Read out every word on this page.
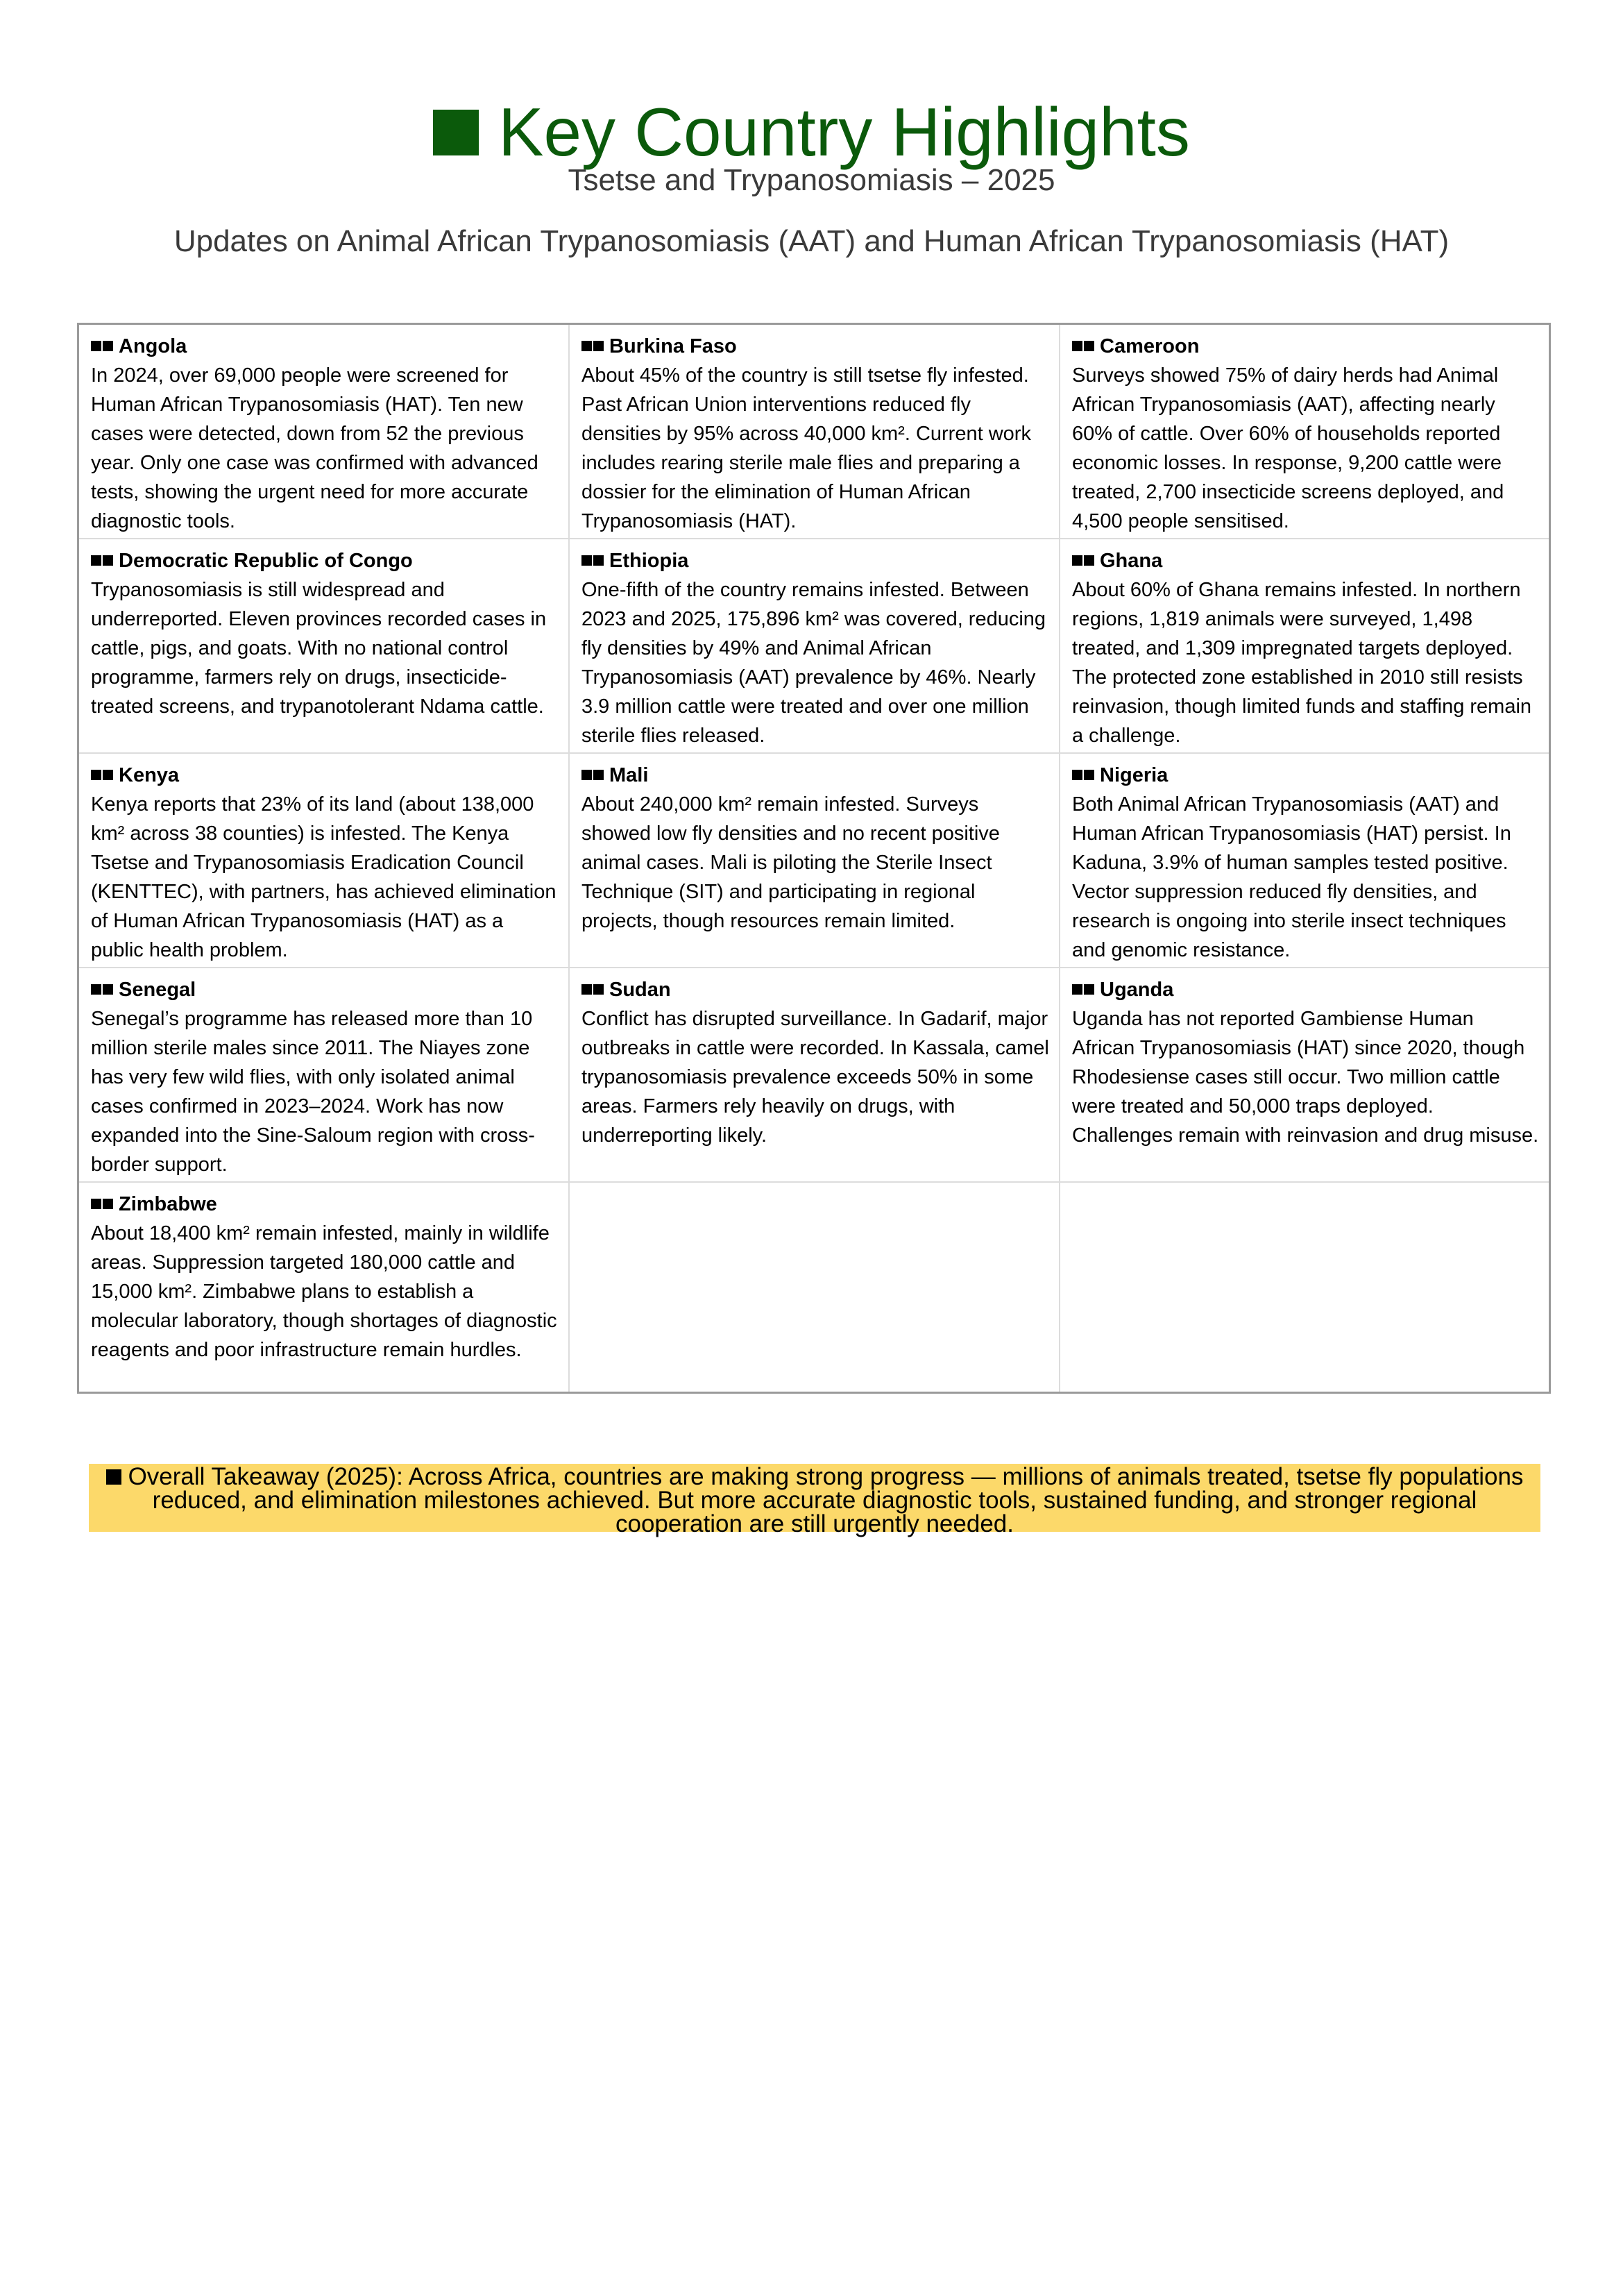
Key Country Highlights
Tsetse and Trypanosomiasis – 2025
Updates on Animal African Trypanosomiasis (AAT) and Human African Trypanosomiasis (HAT)
Angola
In 2024, over 69,000 people were screened for Human African Trypanosomiasis (HAT). Ten new cases were detected, down from 52 the previous year. Only one case was confirmed with advanced tests, showing the urgent need for more accurate diagnostic tools.
Burkina Faso
About 45% of the country is still tsetse fly infested. Past African Union interventions reduced fly densities by 95% across 40,000 km². Current work includes rearing sterile male flies and preparing a dossier for the elimination of Human African Trypanosomiasis (HAT).
Cameroon
Surveys showed 75% of dairy herds had Animal African Trypanosomiasis (AAT), affecting nearly 60% of cattle. Over 60% of households reported economic losses. In response, 9,200 cattle were treated, 2,700 insecticide screens deployed, and 4,500 people sensitised.
Democratic Republic of Congo
Trypanosomiasis is still widespread and underreported. Eleven provinces recorded cases in cattle, pigs, and goats. With no national control programme, farmers rely on drugs, insecticide-treated screens, and trypanotolerant Ndama cattle.
Ethiopia
One-fifth of the country remains infested. Between 2023 and 2025, 175,896 km² was covered, reducing fly densities by 49% and Animal African Trypanosomiasis (AAT) prevalence by 46%. Nearly 3.9 million cattle were treated and over one million sterile flies released.
Ghana
About 60% of Ghana remains infested. In northern regions, 1,819 animals were surveyed, 1,498 treated, and 1,309 impregnated targets deployed. The protected zone established in 2010 still resists reinvasion, though limited funds and staffing remain a challenge.
Kenya
Kenya reports that 23% of its land (about 138,000 km² across 38 counties) is infested. The Kenya Tsetse and Trypanosomiasis Eradication Council (KENTTEC), with partners, has achieved elimination of Human African Trypanosomiasis (HAT) as a public health problem.
Mali
About 240,000 km² remain infested. Surveys showed low fly densities and no recent positive animal cases. Mali is piloting the Sterile Insect Technique (SIT) and participating in regional projects, though resources remain limited.
Nigeria
Both Animal African Trypanosomiasis (AAT) and Human African Trypanosomiasis (HAT) persist. In Kaduna, 3.9% of human samples tested positive. Vector suppression reduced fly densities, and research is ongoing into sterile insect techniques and genomic resistance.
Senegal
Senegal’s programme has released more than 10 million sterile males since 2011. The Niayes zone has very few wild flies, with only isolated animal cases confirmed in 2023–2024. Work has now expanded into the Sine-Saloum region with cross-border support.
Sudan
Conflict has disrupted surveillance. In Gadarif, major outbreaks in cattle were recorded. In Kassala, camel trypanosomiasis prevalence exceeds 50% in some areas. Farmers rely heavily on drugs, with underreporting likely.
Uganda
Uganda has not reported Gambiense Human African Trypanosomiasis (HAT) since 2020, though Rhodesiense cases still occur. Two million cattle were treated and 50,000 traps deployed. Challenges remain with reinvasion and drug misuse.
Zimbabwe
About 18,400 km² remain infested, mainly in wildlife areas. Suppression targeted 180,000 cattle and 15,000 km². Zimbabwe plans to establish a molecular laboratory, though shortages of diagnostic reagents and poor infrastructure remain hurdles.
Overall Takeaway (2025): Across Africa, countries are making strong progress — millions of animals treated, tsetse fly populations reduced, and elimination milestones achieved. But more accurate diagnostic tools, sustained funding, and stronger regional cooperation are still urgently needed.
